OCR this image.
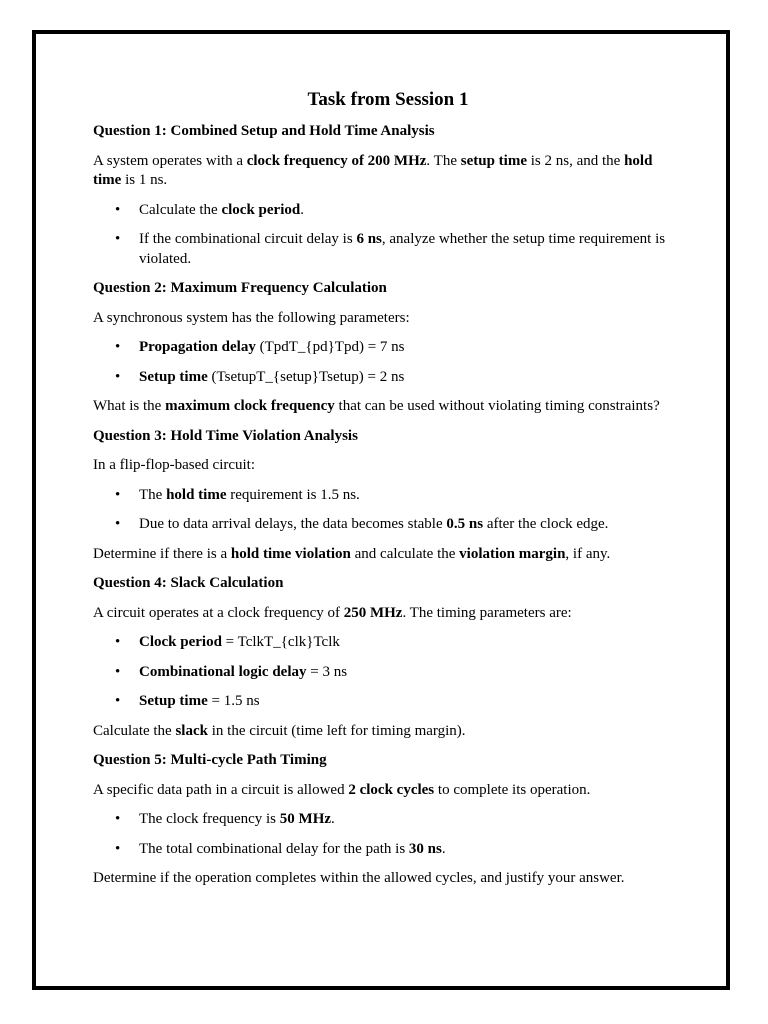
Task from Session 1
Question 1: Combined Setup and Hold Time Analysis

A system operates with a clock frequency of 200 MHz. The setup time is 2 ns, and the hold time is 1 ns.

• Calculate the clock period.
• If the combinational circuit delay is 6 ns, analyze whether the setup time requirement is violated.
Question 2: Maximum Frequency Calculation

A synchronous system has the following parameters:

• Propagation delay (TpdT_{pd}Tpd) = 7 ns
• Setup time (TsetupT_{setup}Tsetup) = 2 ns

What is the maximum clock frequency that can be used without violating timing constraints?

Question 3: Hold Time Violation Analysis

In a flip-flop-based circuit:

• The hold time requirement is 1.5 ns.
• Due to data arrival delays, the data becomes stable 0.5 ns after the clock edge.

Determine if there is a hold time violation and calculate the violation margin, if any.

Question 4: Slack Calculation

A circuit operates at a clock frequency of 250 MHz. The timing parameters are:

• Clock period = TclkT_{clk}Tclk
• Combinational logic delay = 3 ns
• Setup time = 1.5 ns

Calculate the slack in the circuit (time left for timing margin).

Question 5: Multi-cycle Path Timing

A specific data path in a circuit is allowed 2 clock cycles to complete its operation.

• The clock frequency is 50 MHz.
• The total combinational delay for the path is 30 ns.

Determine if the operation completes within the allowed cycles, and justify your answer.
